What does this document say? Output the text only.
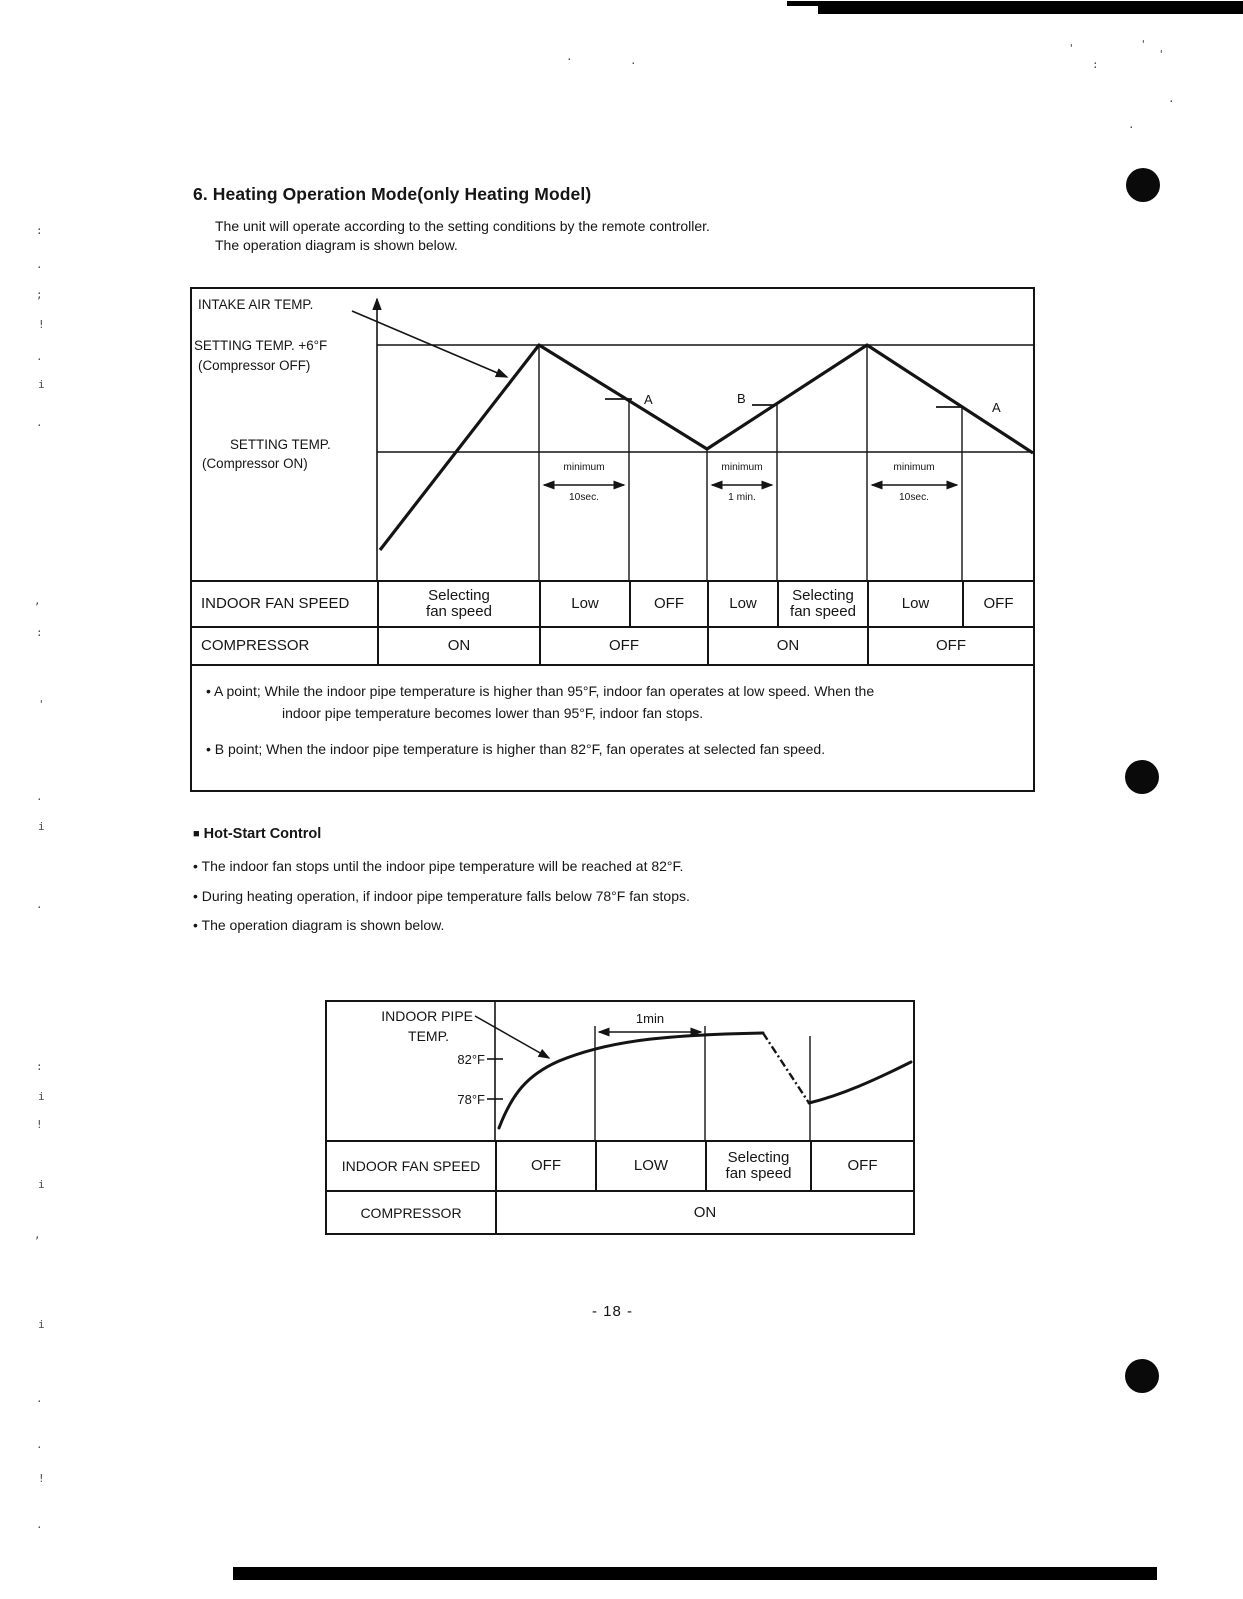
:
.
;
!
.
i
.
,
:
'
.
i
.
:
i
!
i
,
i
.
.
!
.
'
:
'
'
.
.
.	.
6. Heating Operation Mode(only Heating Model)
The unit will operate according to the setting conditions by the remote controller.
The operation diagram is shown below.
INTAKE AIR TEMP.
SETTING TEMP. +6°F
(Compressor OFF)
SETTING TEMP.
(Compressor ON)
A	B
A
minimum
10sec.
minimum
1 min.
minimum
10sec.
INDOOR FAN SPEED	Selecting fan speed	Low	OFF	Low	Selecting fan speed	Low	OFF
COMPRESSOR	ON	OFF	ON	OFF
• A point; While the indoor pipe temperature is higher than 95°F, indoor fan operates at low speed. When the
indoor pipe temperature becomes lower than 95°F, indoor fan stops.
• B point; When the indoor pipe temperature is higher than 82°F, fan operates at selected fan speed.
■ Hot-Start Control
• The indoor fan stops until the indoor pipe temperature will be reached at 82°F.
• During heating operation, if indoor pipe temperature falls below 78°F fan stops.
• The operation diagram is shown below.
INDOOR PIPE
TEMP.
82°F
78°F
1min
INDOOR FAN SPEED	OFF	LOW	Selecting fan speed	OFF
COMPRESSOR	ON
- 18 -
